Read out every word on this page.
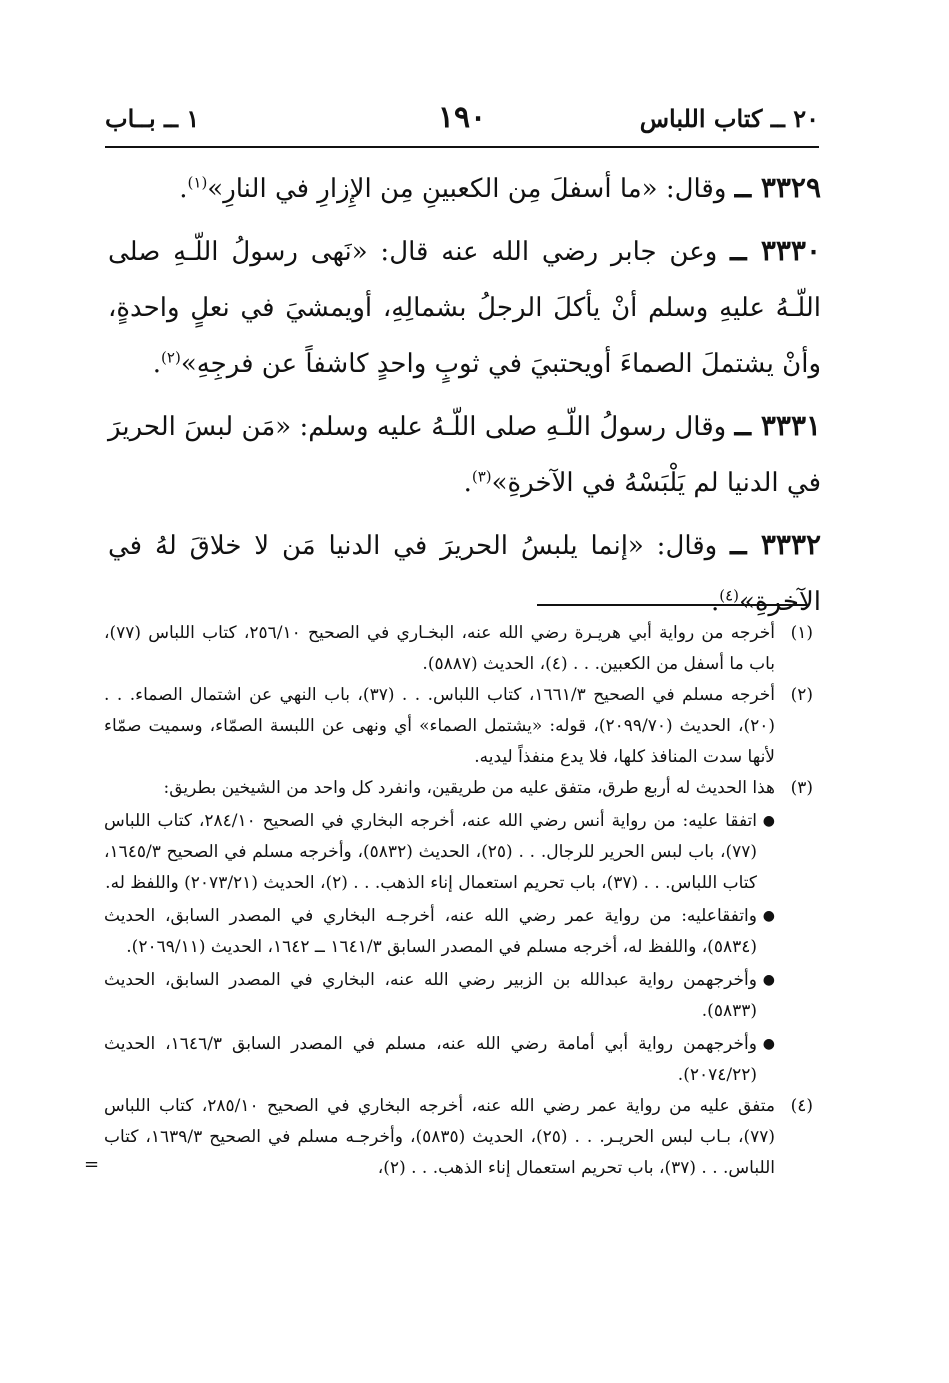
٢٠ ــ كتاب اللباس
١٩٠
١ ــ بــاب

٣٣٢٩ ــ وقال: «ما أسفلَ مِن الكعبينِ مِن الإِزارِ في النارِ»$^{(١)}$.

٣٣٣٠ ــ وعن جابر رضي الله عنه قال: «نَهى رسولُ اللّـهِ صلى اللّـهُ عليهِ وسلم أنْ يأكلَ الرجلُ بشمالِهِ، أويمشيَ في نعلٍ واحدةٍ، وأنْ يشتملَ الصماءَ أويحتبيَ في ثوبٍ واحدٍ كاشفاً عن فرجِهِ»$^{(٢)}$.

٣٣٣١ ــ وقال رسولُ اللّـهِ صلى اللّـهُ عليه وسلم: «مَن لبسَ الحريرَ في الدنيا لم يَلْبَسْهُ في الآخرةِ»$^{(٣)}$.

٣٣٣٢ ــ وقال: «إنما يلبسُ الحريرَ في الدنيا مَن لا خلاقَ لهُ في الآخرةِ»$^{(٤)}$.

(١)
أخرجه من رواية أبي هريـرة رضي الله عنه، البخـاري في الصحيح ٢٥٦/١٠، كتاب اللباس (٧٧)، باب ما أسفل من الكعبين. . . (٤)، الحديث (٥٨٨٧).
(٢)
أخرجه مسلم في الصحيح ١٦٦١/٣، كتاب اللباس. . . (٣٧)، باب النهي عن اشتمال الصماء. . . (٢٠)، الحديث (٢٠٩٩/٧٠)، قوله: «يشتمل الصماء» أي ونهى عن اللبسة الصمّاء، وسميت صمّاء لأنها سدت المنافذ كلها، فلا يدع منفذاً ليديه.
(٣)
هذا الحديث له أربع طرق، متفق عليه من طريقين، وانفرد كل واحد من الشيخين بطريق:
●
اتفقا عليه: من رواية أنس رضي الله عنه، أخرجه البخاري في الصحيح ٢٨٤/١٠، كتاب اللباس (٧٧)، باب لبس الحرير للرجال. . . (٢٥)، الحديث (٥٨٣٢)، وأخرجه مسلم في الصحيح ١٦٤٥/٣، كتاب اللباس. . . (٣٧)، باب تحريم استعمال إناء الذهب. . . (٢)، الحديث (٢٠٧٣/٢١) واللفظ له.
●
واتفقاعليه: من رواية عمر رضي الله عنه، أخرجـه البخاري في المصدر السابق، الحديث (٥٨٣٤)، واللفظ له، أخرجه مسلم في المصدر السابق ١٦٤١/٣ ــ ١٦٤٢، الحديث (٢٠٦٩/١١).
●
وأخرجهمن رواية عبدالله بن الزبير رضي الله عنه، البخاري في المصدر السابق، الحديث (٥٨٣٣).
●
وأخرجهمن رواية أبي أمامة رضي الله عنه، مسلم في المصدر السابق ١٦٤٦/٣، الحديث (٢٠٧٤/٢٢).
(٤)
متفق عليه من رواية عمر رضي الله عنه، أخرجه البخاري في الصحيح ٢٨٥/١٠، كتاب اللباس (٧٧)، بـاب لبس الحريـر. . . (٢٥)، الحديث (٥٨٣٥)، وأخرجـه مسلم في الصحيح ١٦٣٩/٣، كتاب اللباس. . . (٣٧)، باب تحريم استعمال إناء الذهب. . . (٢)،
=
